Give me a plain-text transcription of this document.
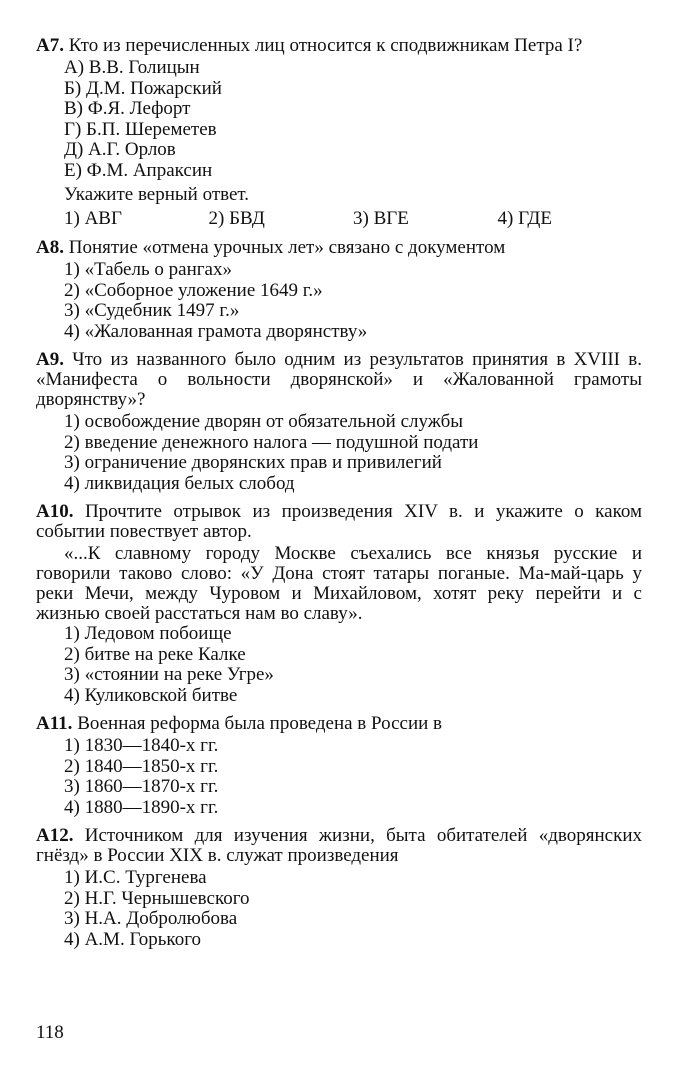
А7. Кто из перечисленных лиц относится к сподвижникам Петра I?

А) В.В. Голицын
Б) Д.М. Пожарский
В) Ф.Я. Лефорт
Г) Б.П. Шереметев
Д) А.Г. Орлов
Е) Ф.М. Апраксин

Укажите верный ответ.

1) АВГ	2) БВД	3) ВГЕ	4) ГДЕ

А8. Понятие «отмена урочных лет» связано с документом

1) «Табель о рангах»
2) «Соборное уложение 1649 г.»
3) «Судебник 1497 г.»
4) «Жалованная грамота дворянству»

А9. Что из названного было одним из результатов принятия в XVIII в. «Манифеста о вольности дворянской» и «Жалованной грамоты дворянству»?

1) освобождение дворян от обязательной службы
2) введение денежного налога — подушной подати
3) ограничение дворянских прав и привилегий
4) ликвидация белых слобод

А10. Прочтите отрывок из произведения XIV в. и укажите о каком событии повествует автор.

«...К славному городу Москве съехались все князья русские и говорили таково слово: «У Дона стоят татары поганые. Ма-май-царь у реки Мечи, между Чуровом и Михайловом, хотят реку перейти и с жизнью своей расстаться нам во славу».

1) Ледовом побоище
2) битве на реке Калке
3) «стоянии на реке Угре»
4) Куликовской битве

А11. Военная реформа была проведена в России в

1) 1830—1840-х гг.
2) 1840—1850-х гг.
3) 1860—1870-х гг.
4) 1880—1890-х гг.

А12. Источником для изучения жизни, быта обитателей «дворянских гнёзд» в России XIX в. служат произведения

1) И.С. Тургенева
2) Н.Г. Чернышевского
3) Н.А. Добролюбова
4) А.М. Горького
118
